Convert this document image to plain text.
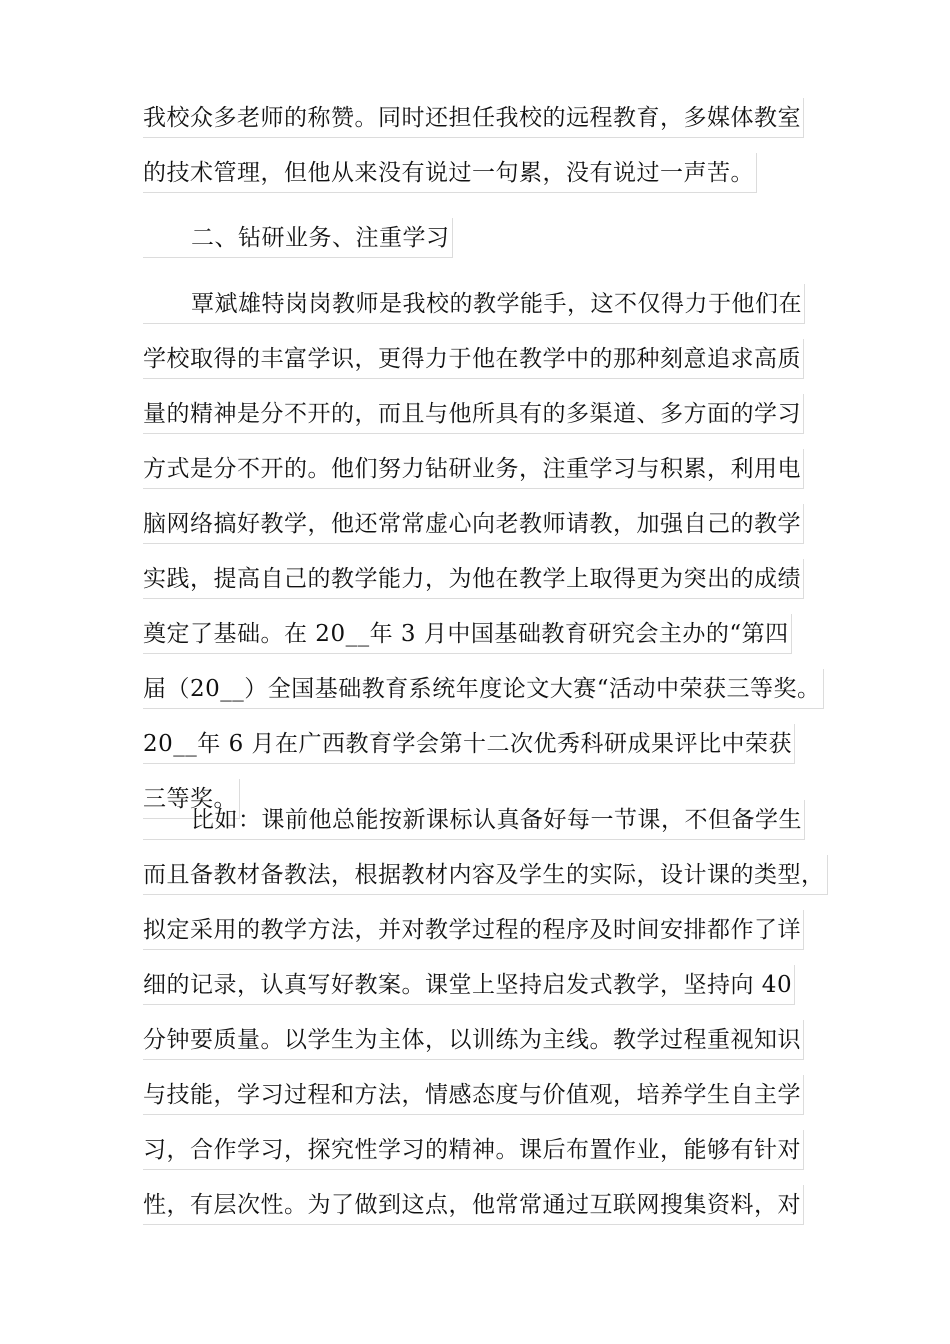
我校众多老师的称赞。同时还担任我校的远程教育，多媒体教室
的技术管理，但他从来没有说过一句累，没有说过一声苦。
二、钻研业务、注重学习
覃斌雄特岗岗教师是我校的教学能手，这不仅得力于他们在
学校取得的丰富学识，更得力于他在教学中的那种刻意追求高质
量的精神是分不开的，而且与他所具有的多渠道、多方面的学习
方式是分不开的。他们努力钻研业务，注重学习与积累，利用电
脑网络搞好教学，他还常常虚心向老教师请教，加强自己的教学
实践，提高自己的教学能力，为他在教学上取得更为突出的成绩
奠定了基础。在 20__年 3 月中国基础教育研究会主办的“第四
届（20__）全国基础教育系统年度论文大赛“活动中荣获三等奖。
20__年 6 月在广西教育学会第十二次优秀科研成果评比中荣获
三等奖。
比如：课前他总能按新课标认真备好每一节课，不但备学生
而且备教材备教法，根据教材内容及学生的实际，设计课的类型，
拟定采用的教学方法，并对教学过程的程序及时间安排都作了详
细的记录，认真写好教案。课堂上坚持启发式教学，坚持向 40
分钟要质量。以学生为主体，以训练为主线。教学过程重视知识
与技能，学习过程和方法，情感态度与价值观，培养学生自主学
习，合作学习，探究性学习的精神。课后布置作业，能够有针对
性，有层次性。为了做到这点，他常常通过互联网搜集资料，对
